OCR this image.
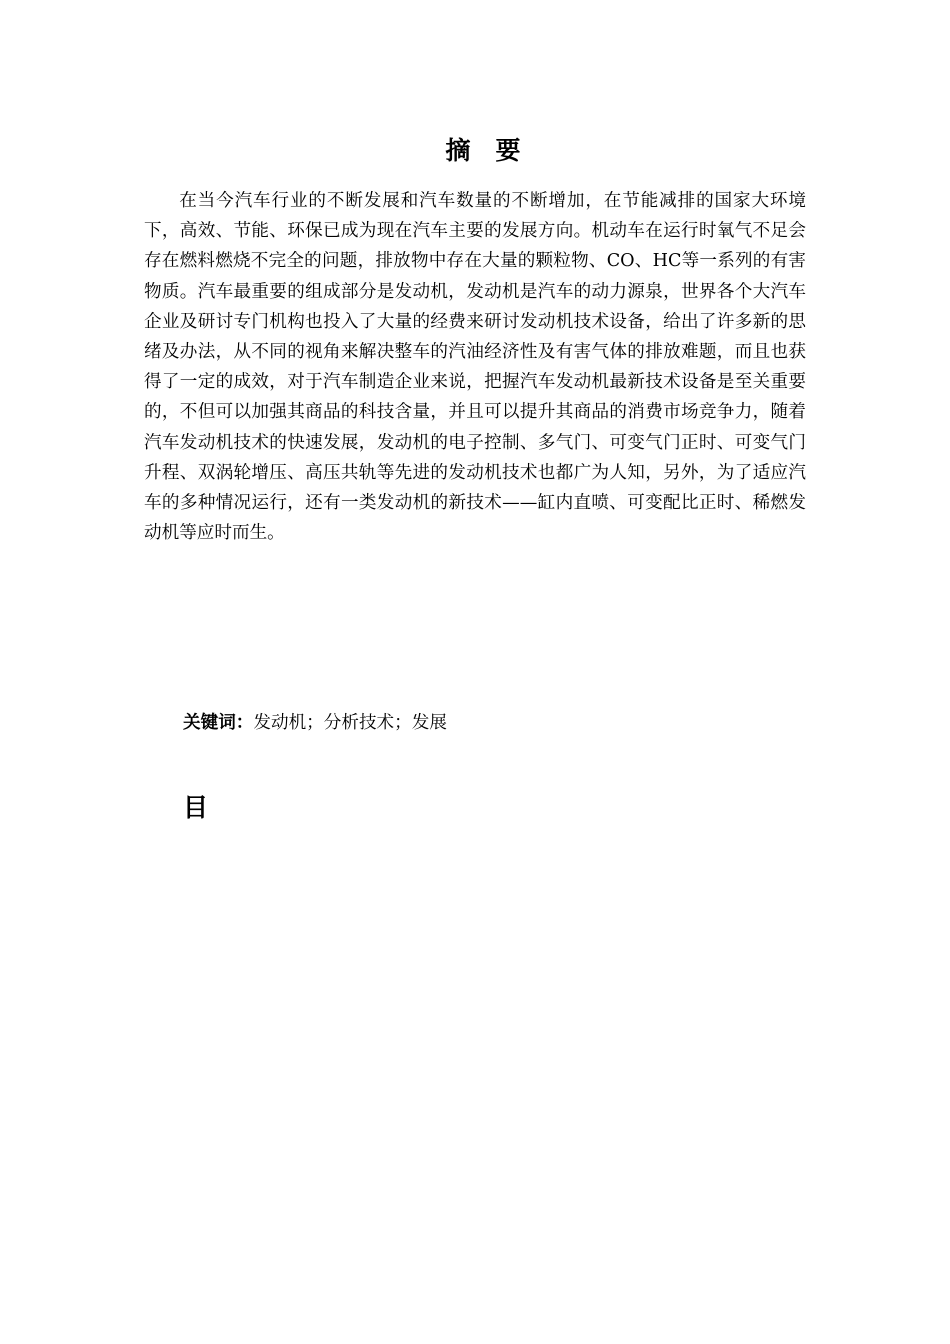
摘　要

在当今汽车行业的不断发展和汽车数量的不断增加，在节能减排的国家大环境下，高效、节能、环保已成为现在汽车主要的发展方向。机动车在运行时氧气不足会存在燃料燃烧不完全的问题，排放物中存在大量的颗粒物、CO、HC等一系列的有害物质。汽车最重要的组成部分是发动机，发动机是汽车的动力源泉，世界各个大汽车企业及研讨专门机构也投入了大量的经费来研讨发动机技术设备，给出了许多新的思绪及办法，从不同的视角来解决整车的汽油经济性及有害气体的排放难题，而且也获得了一定的成效，对于汽车制造企业来说，把握汽车发动机最新技术设备是至关重要的，不但可以加强其商品的科技含量，并且可以提升其商品的消费市场竞争力，随着汽车发动机技术的快速发展，发动机的电子控制、多气门、可变气门正时、可变气门升程、双涡轮增压、高压共轨等先进的发动机技术也都广为人知，另外，为了适应汽车的多种情况运行，还有一类发动机的新技术——缸内直喷、可变配比正时、稀燃发动机等应时而生。

关键词：发动机；分析技术；发展
目
